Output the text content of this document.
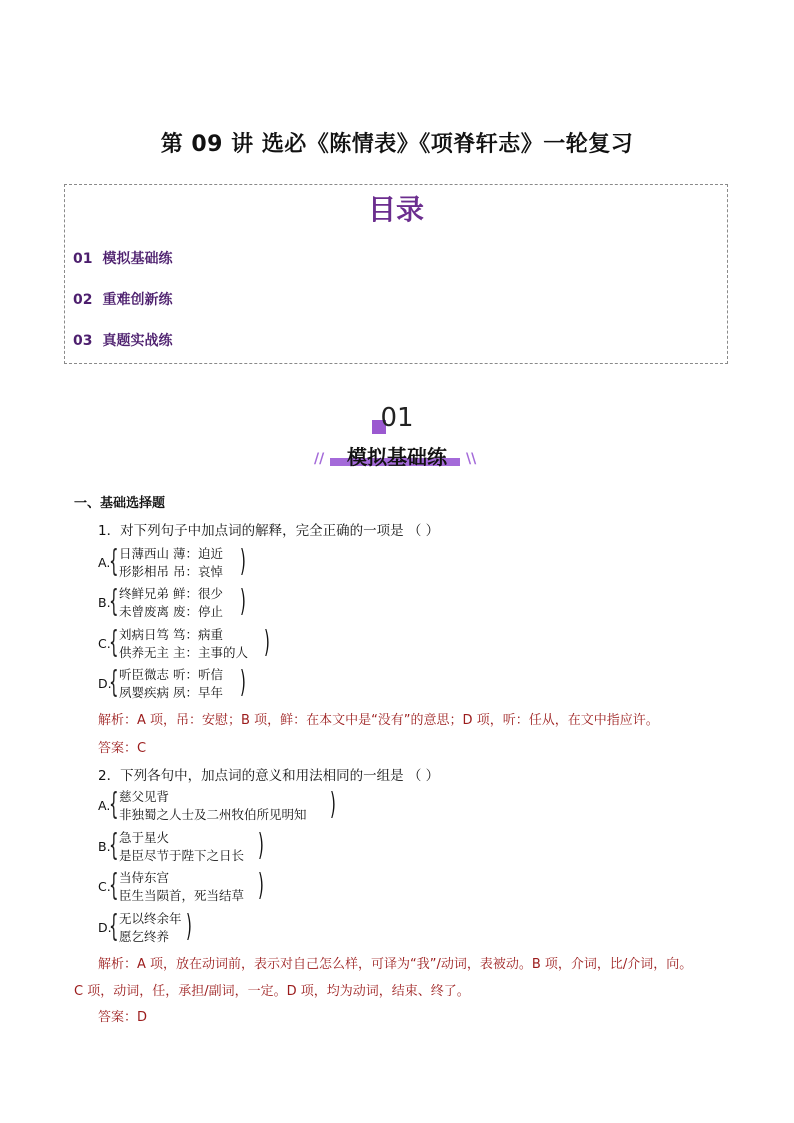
第 09 讲 选必《陈情表》《项脊轩志》一轮复习
目录
01 模拟基础练
02 重难创新练
03 真题实战练
01
//	\\
模拟基础练
一、基础选择题
1．对下列句子中加点词的解释，完全正确的一项是 （ ）
A.
{ 日薄西山 薄：迫近
形影相吊 吊：哀悼 )
B.
{ 终鲜兄弟 鲜：很少
未曾废离 废：停止 )
C.
{ 刘病日笃 笃：病重
供养无主 主：主事的人 )
D.
{ 听臣微志 听：听信
夙婴疾病 夙：早年 )
解析：A 项，吊：安慰；B 项，鲜：在本文中是“没有”的意思；D 项，听：任从，在文中指应许。
答案：C
2．下列各句中，加点词的意义和用法相同的一组是 （ ）
A.
{ 慈父见背
非独蜀之人士及二州牧伯所见明知 )
B.
{ 急于星火
是臣尽节于陛下之日长 )
C.
{ 当侍东宫
臣生当陨首，死当结草 )
D.
{ 无以终余年
愿乞终养 )
解析：A 项，放在动词前，表示对自己怎么样，可译为“我”/动词，表被动。B 项，介词，比/介词，向。
C 项，动词，任，承担/副词，一定。D 项，均为动词，结束、终了。
答案：D
